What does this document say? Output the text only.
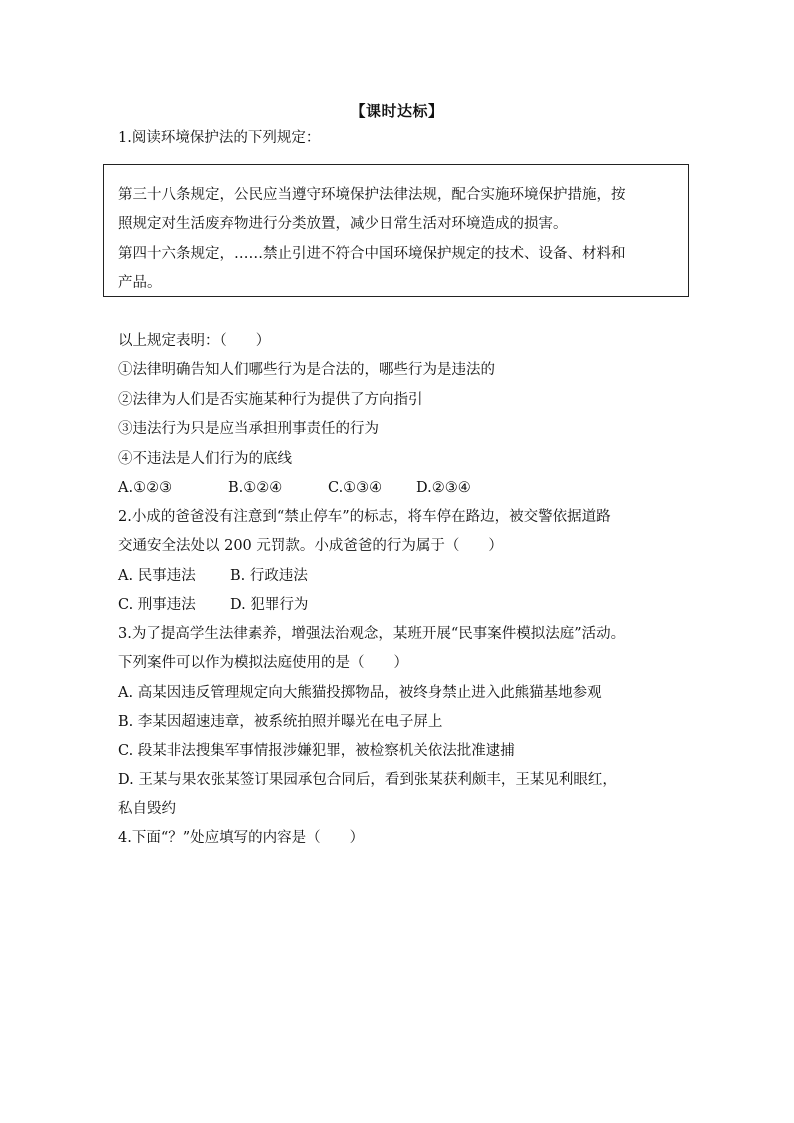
【课时达标】
1.阅读环境保护法的下列规定：
第三十八条规定，公民应当遵守环境保护法律法规，配合实施环境保护措施，按
照规定对生活废弃物进行分类放置，减少日常生活对环境造成的损害。
第四十六条规定，……禁止引进不符合中国环境保护规定的技术、设备、材料和
产品。
以上规定表明：（　　）
①法律明确告知人们哪些行为是合法的，哪些行为是违法的
②法律为人们是否实施某种行为提供了方向指引
③违法行为只是应当承担刑事责任的行为
④不违法是人们行为的底线
A.①②③	B.①②④	C.①③④ D.②③④
2.小成的爸爸没有注意到“禁止停车”的标志，将车停在路边，被交警依据道路
交通安全法处以 200 元罚款。小成爸爸的行为属于（　　）
A. 民事违法 B. 行政违法
C. 刑事违法 D. 犯罪行为
3.为了提高学生法律素养，增强法治观念，某班开展“民事案件模拟法庭”活动。
下列案件可以作为模拟法庭使用的是（　　）
A. 高某因违反管理规定向大熊猫投掷物品，被终身禁止进入此熊猫基地参观
B. 李某因超速违章，被系统拍照并曝光在电子屏上
C. 段某非法搜集军事情报涉嫌犯罪，被检察机关依法批准逮捕
D. 王某与果农张某签订果园承包合同后，看到张某获利颇丰，王某见利眼红，
私自毁约
4.下面“？”处应填写的内容是（　　）
